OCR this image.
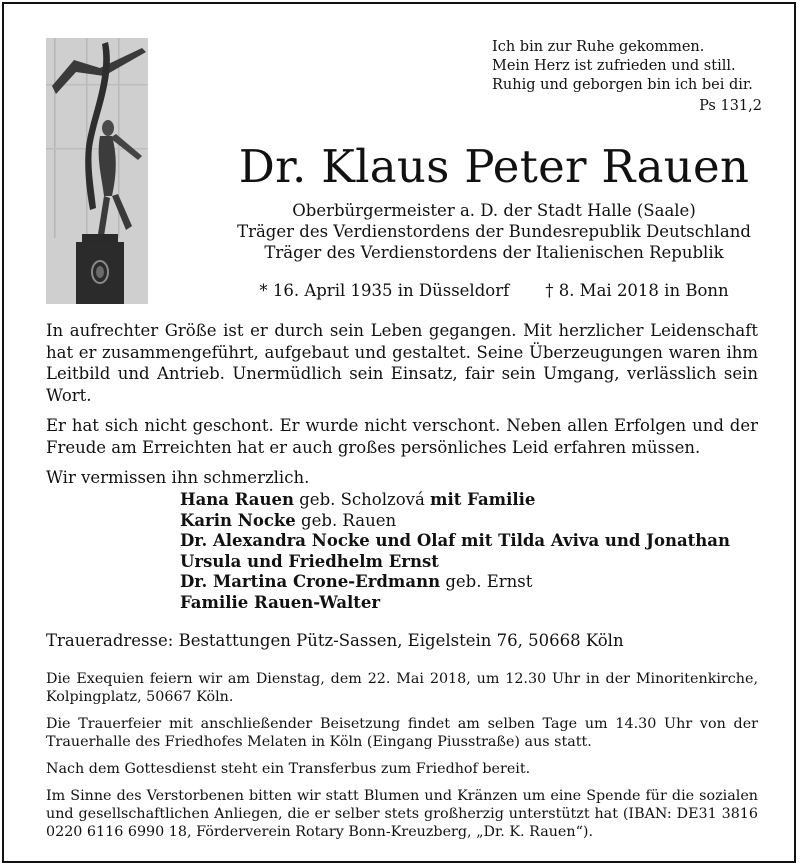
Ich bin zur Ruhe gekommen.
Mein Herz ist zufrieden und still.
Ruhig und geborgen bin ich bei dir.
Ps 131,2
Dr. Klaus Peter Rauen
Oberbürgermeister a. D. der Stadt Halle (Saale)
Träger des Verdienstordens der Bundesrepublik Deutschland
Träger des Verdienstordens der Italienischen Republik
* 16. April 1935 in Düsseldorf † 8. Mai 2018 in Bonn

In aufrechter Größe ist er durch sein Leben gegangen. Mit herzlicher Leidenschaft hat er zusammengeführt, aufgebaut und gestaltet. Seine Überzeugungen waren ihm Leitbild und Antrieb. Unermüdlich sein Einsatz, fair sein Umgang, verlässlich sein Wort.

Er hat sich nicht geschont. Er wurde nicht verschont. Neben allen Erfolgen und der Freude am Erreichten hat er auch großes persönliches Leid erfahren müssen.

Wir vermissen ihn schmerzlich.

Hana Rauen geb. Scholzová mit Familie
Karin Nocke geb. Rauen
Dr. Alexandra Nocke und Olaf mit Tilda Aviva und Jonathan
Ursula und Friedhelm Ernst
Dr. Martina Crone-Erdmann geb. Ernst
Familie Rauen-Walter
Traueradresse: Bestattungen Pütz-Sassen, Eigelstein 76, 50668 Köln

Die Exequien feiern wir am Dienstag, dem 22. Mai 2018, um 12.30 Uhr in der Minoritenkirche, Kolpingplatz, 50667 Köln.

Die Trauerfeier mit anschließender Beisetzung findet am selben Tage um 14.30 Uhr von der Trauerhalle des Friedhofes Melaten in Köln (Eingang Piusstraße) aus statt.

Nach dem Gottesdienst steht ein Transferbus zum Friedhof bereit.

Im Sinne des Verstorbenen bitten wir statt Blumen und Kränzen um eine Spende für die sozialen und gesellschaftlichen Anliegen, die er selber stets großherzig unterstützt hat (IBAN: DE31 3816 0220 6116 6990 18, Förderverein Rotary Bonn-Kreuzberg, „Dr. K. Rauen“).
